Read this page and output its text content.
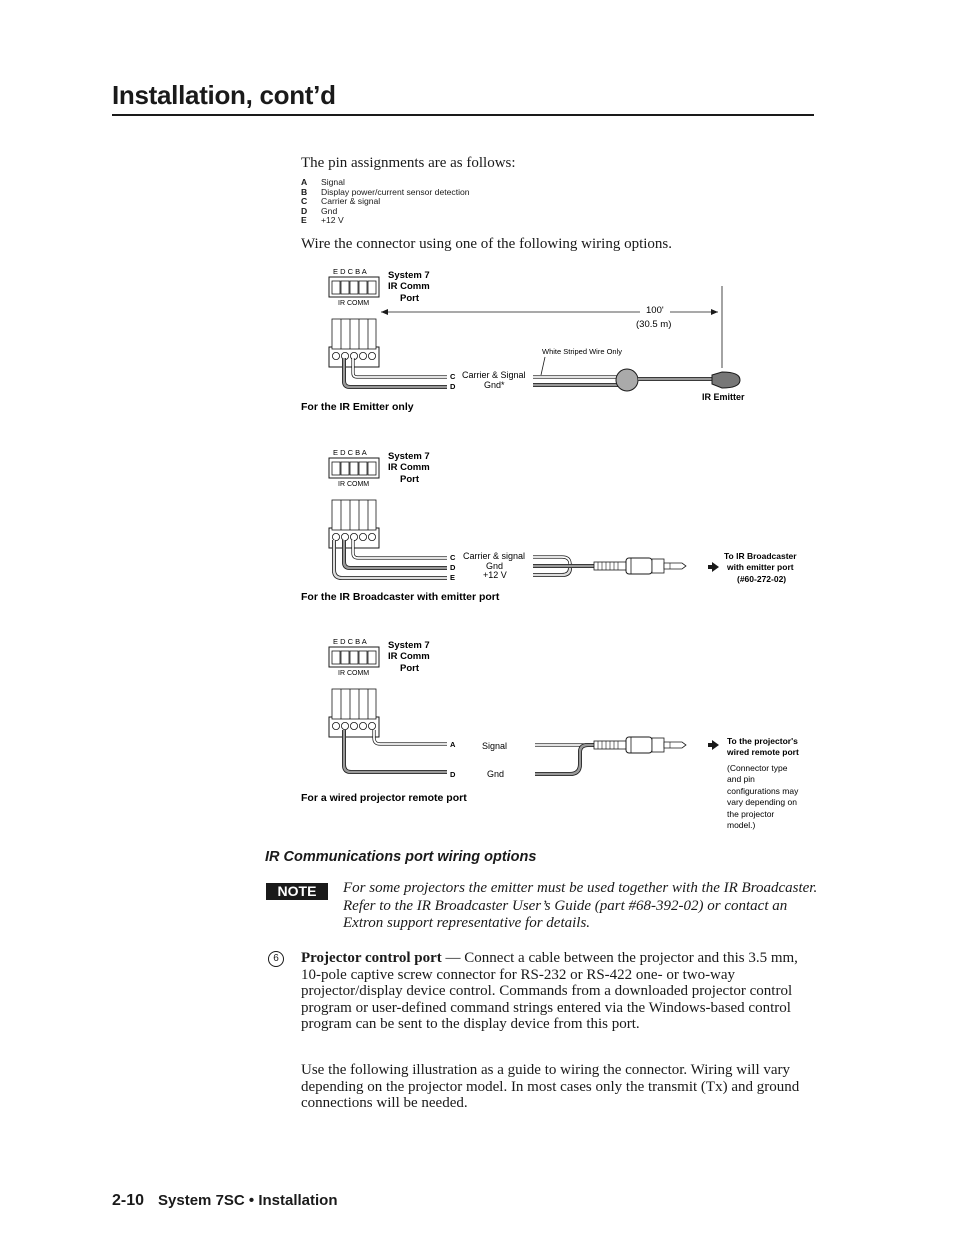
Installation, cont’d
The pin assignments are as follows:
A	Signal
B	Display power/current sensor detection
C	Carrier & signal
D	Gnd
E	+12 V
Wire the connector using one of the following wiring options.
E D C B A
IR COMM
System 7
IR Comm
Port
100'
(30.5 m)
C
D
Carrier & Signal
Gnd*
White Striped Wire Only
IR Emitter
For the IR Emitter only
E D C B A
IR COMM
System 7
IR Comm
Port
C
D
E
Carrier & signal
Gnd
+12 V
To IR Broadcaster
with emitter port
(#60-272-02)
For the IR Broadcaster with emitter port
E D C B A
IR COMM
System 7
IR Comm
Port
A
D
Signal
Gnd
To the projector's
wired remote port
(Connector type
and pin
configurations may
vary depending on
the projector
model.)
For a wired projector remote port
IR Communications port wiring options
NOTE	For some projectors the emitter must be used together with the IR Broadcaster. Refer to the IR Broadcaster User’s Guide (part #68-392-02) or contact an Extron support representative for details.
6	Projector control port — Connect a cable between the projector and this 3.5 mm, 10-pole captive screw connector for RS-232 or RS-422 one- or two-way projector/display device control. Commands from a downloaded projector control program or user-defined command strings entered via the Windows-based control program can be sent to the display device from this port.
Use the following illustration as a guide to wiring the connector. Wiring will vary depending on the projector model. In most cases only the transmit (Tx) and ground connections will be needed.
2-10 System 7SC • Installation
